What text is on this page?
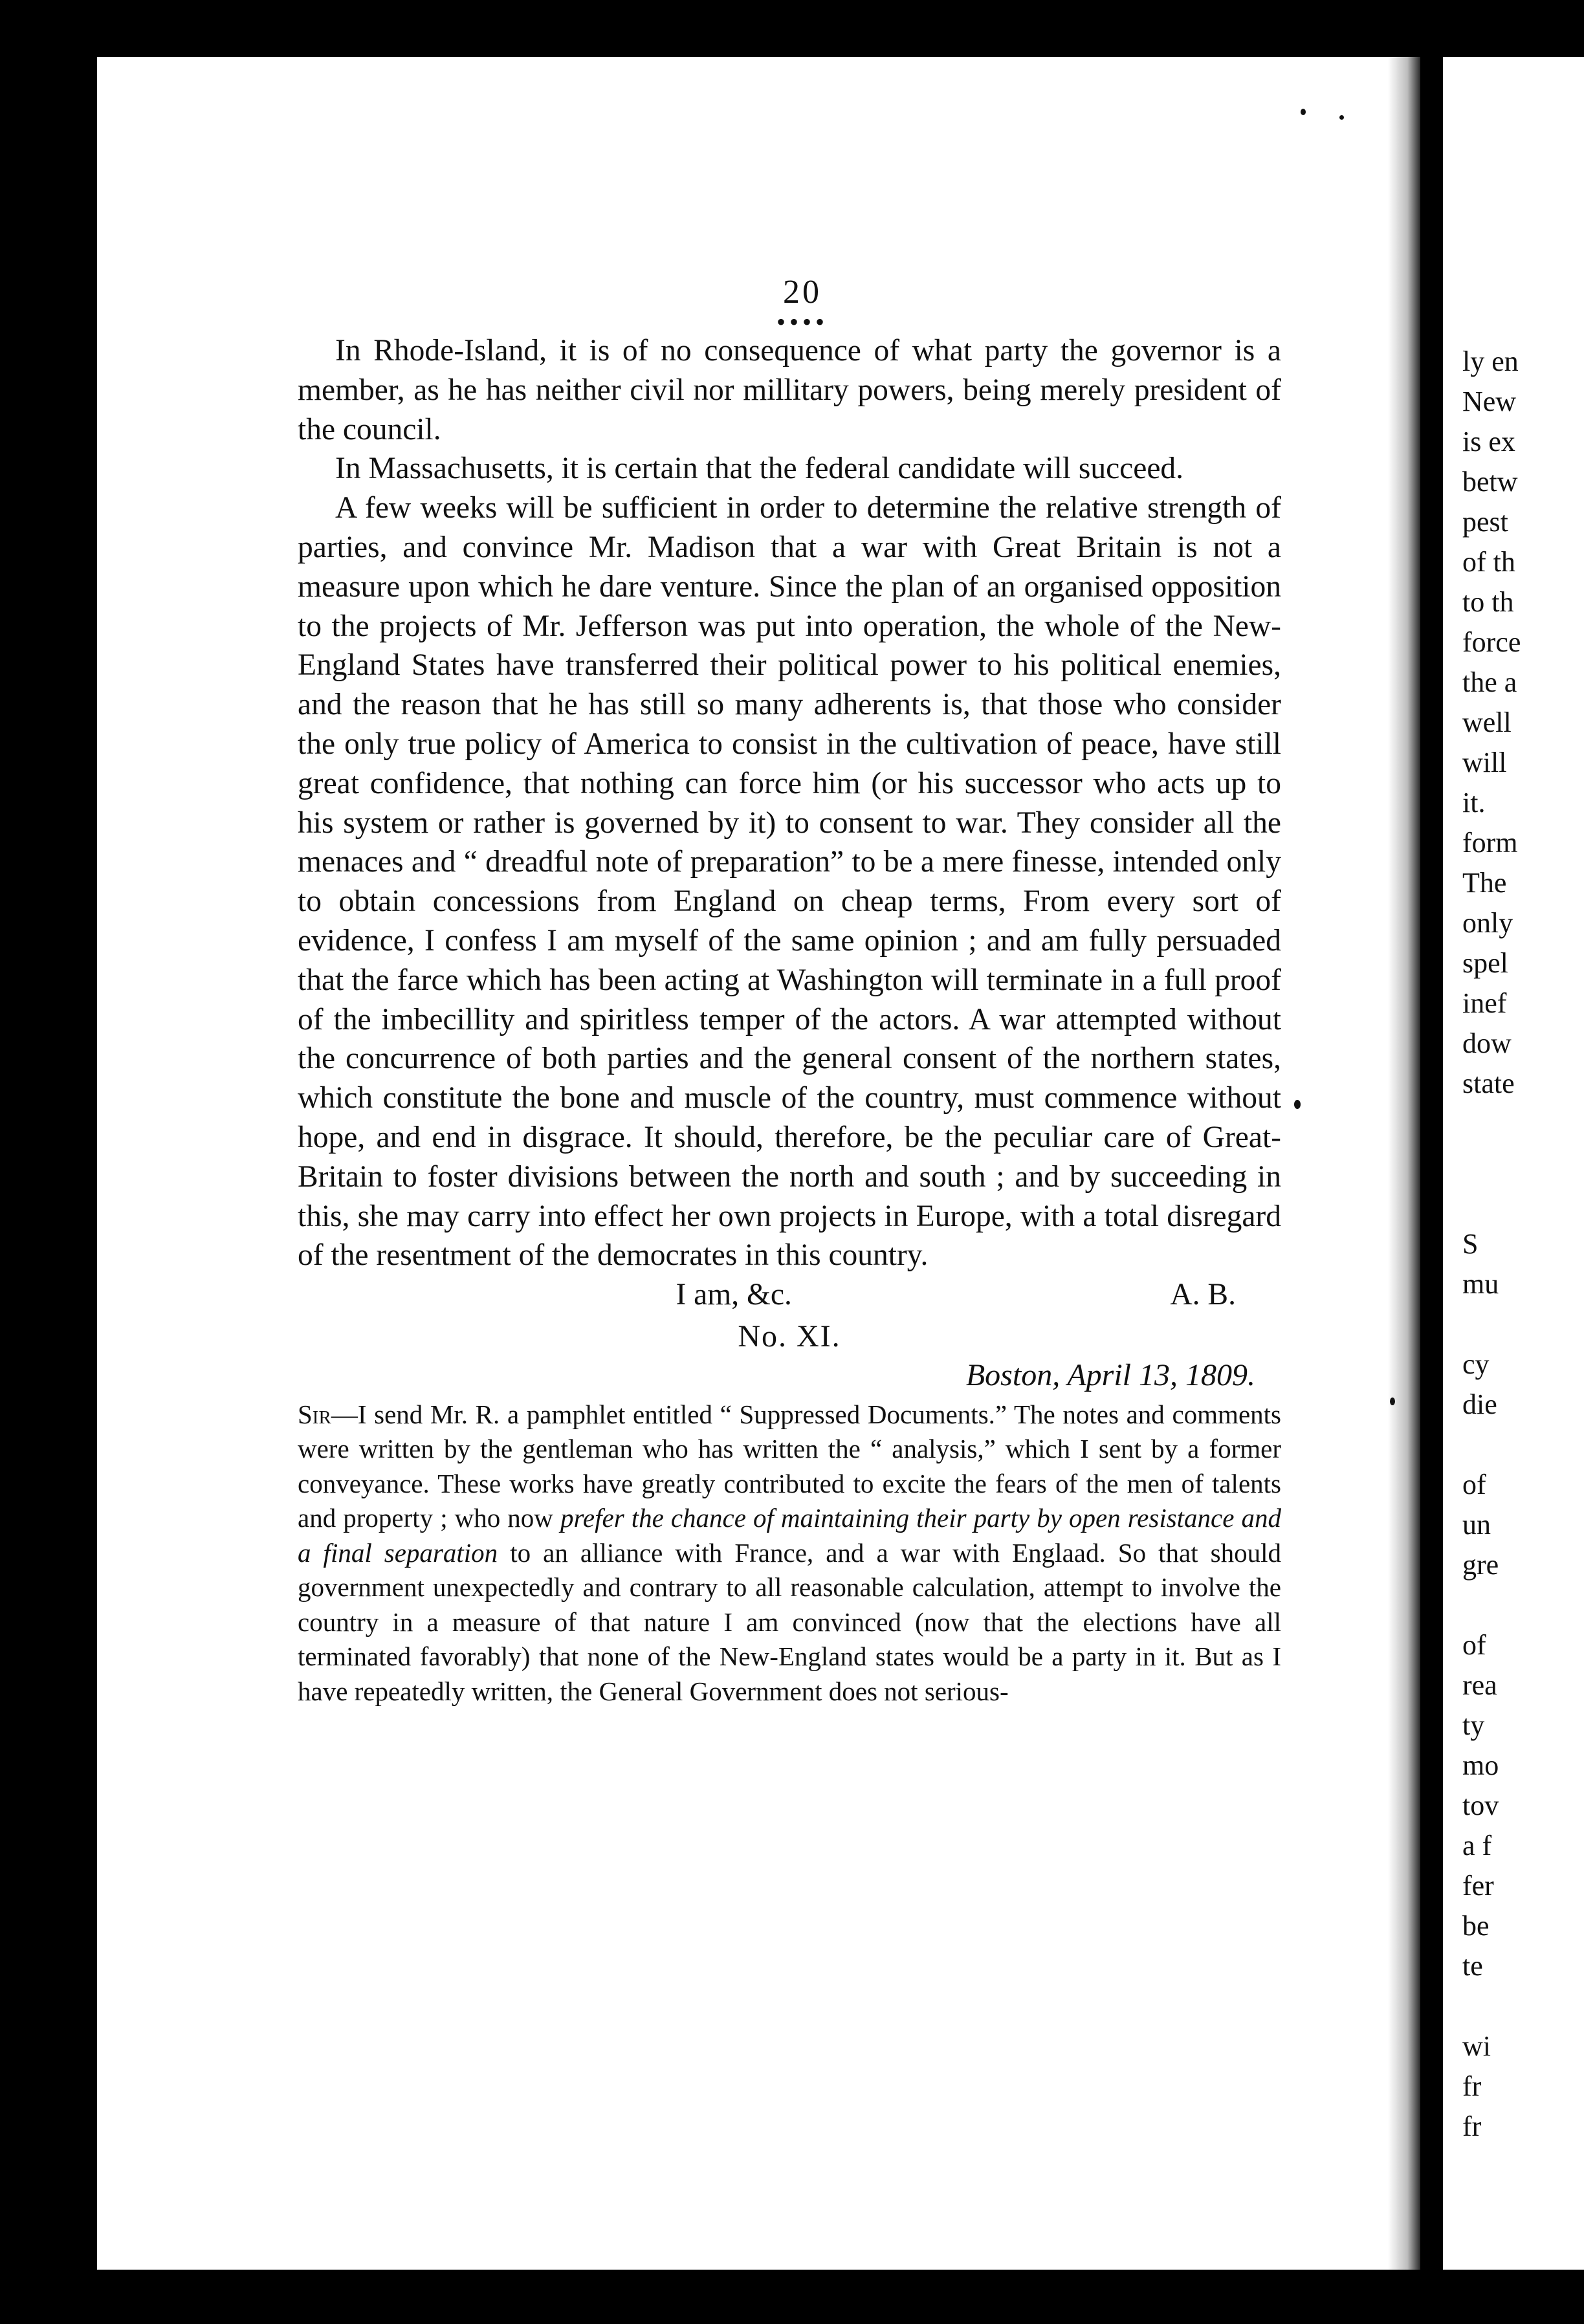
ly en
New
is ex
betw
pest
of th
to th
force
the a
well
will
it.
form
The
only
spel
inef
dow
state

S
mu

cy
die

of
un
gre

of
rea
ty
mo
tov
a f
fer
be
te

wi
fr
fr
20
••••

In Rhode-Island, it is of no consequence of what party the governor is a member, as he has neither civil nor millitary powers, being merely president of the council.

In Massachusetts, it is certain that the federal candidate will succeed.

A few weeks will be sufficient in order to determine the relative strength of parties, and convince Mr. Madison that a war with Great Britain is not a measure upon which he dare venture. Since the plan of an organised opposition to the projects of Mr. Jefferson was put into operation, the whole of the New-England States have transferred their political power to his political enemies, and the reason that he has still so many adherents is, that those who consider the only true policy of America to consist in the cultivation of peace, have still great confidence, that nothing can force him (or his successor who acts up to his system or rather is governed by it) to consent to war. They consider all the menaces and “ dreadful note of preparation” to be a mere finesse, intended only to obtain concessions from England on cheap terms, From every sort of evidence, I confess I am myself of the same opinion ; and am fully persuaded that the farce which has been acting at Washington will terminate in a full proof of the imbecillity and spiritless temper of the actors. A war attempted without the concurrence of both parties and the general consent of the northern states, which constitute the bone and muscle of the country, must commence without hope, and end in disgrace. It should, therefore, be the peculiar care of Great-Britain to foster divisions between the north and south ; and by succeeding in this, she may carry into effect her own projects in Europe, with a total disregard of the resentment of the democrates in this country.

I am, &c.	A. B.
No. XI.
Boston, April 13, 1809.

Sir—I send Mr. R. a pamphlet entitled “ Suppressed Documents.” The notes and comments were written by the gentleman who has written the “ analysis,” which I sent by a former conveyance. These works have greatly contributed to excite the fears of the men of talents and property ; who now prefer the chance of maintaining their party by open resistance and a final separation to an alliance with France, and a war with Englaad. So that should government unexpectedly and contrary to all reasonable calculation, attempt to involve the country in a measure of that nature I am convinced (now that the elections have all terminated favorably) that none of the New-England states would be a party in it. But as I have repeatedly written, the General Government does not serious-
